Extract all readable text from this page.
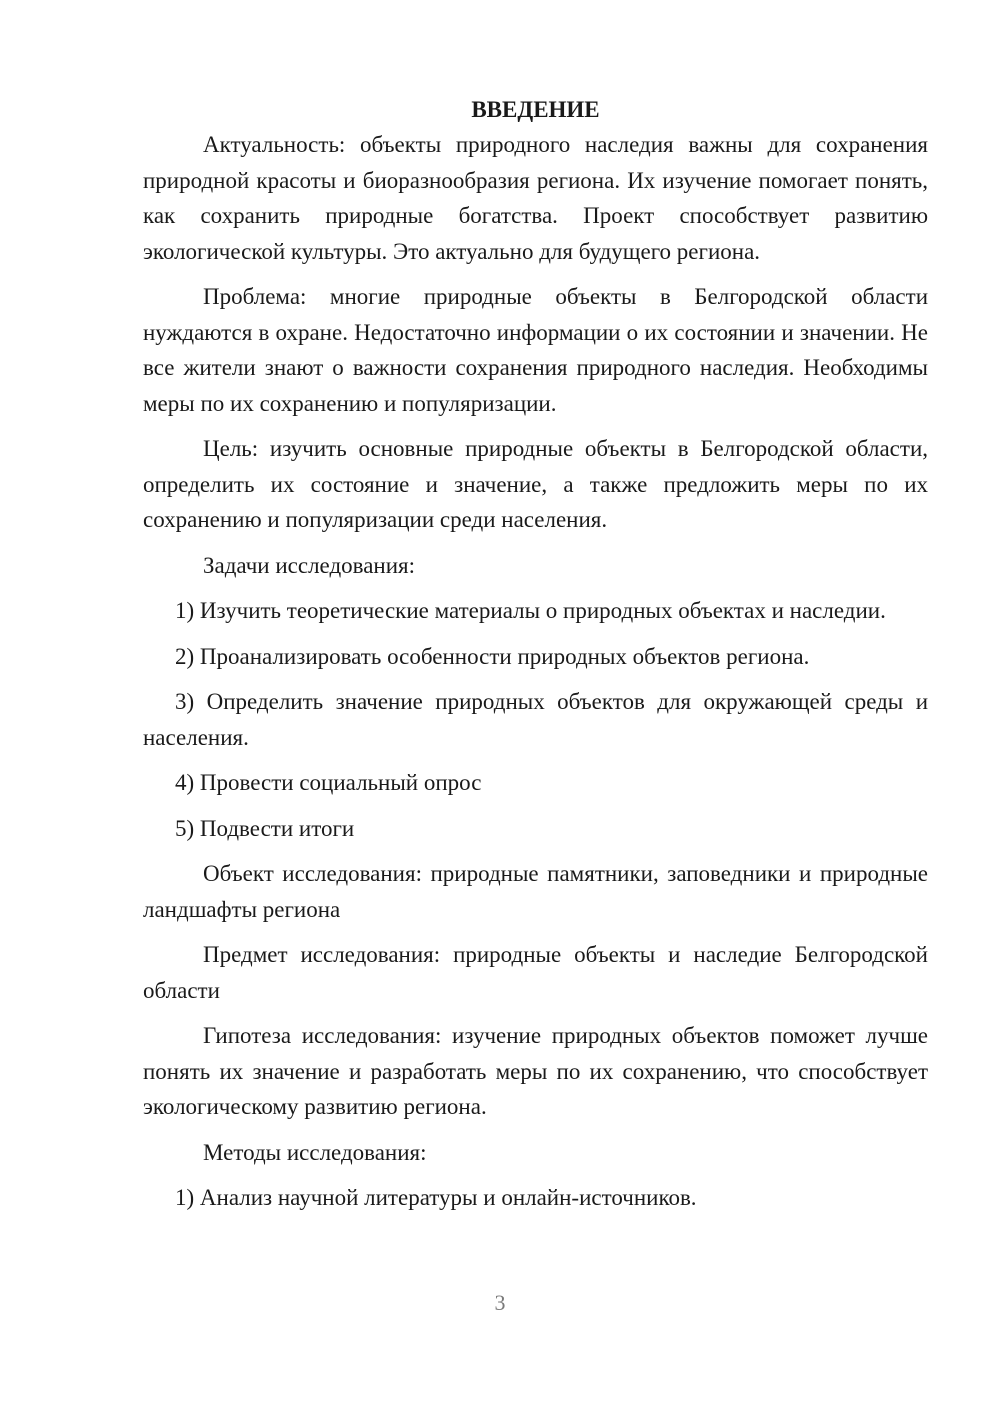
ВВЕДЕНИЕ

Актуальность: объекты природного наследия важны для сохранения природной красоты и биоразнообразия региона. Их изучение помогает понять, как сохранить природные богатства. Проект способствует развитию экологической культуры. Это актуально для будущего региона.

Проблема: многие природные объекты в Белгородской области нуждаются в охране. Недостаточно информации о их состоянии и значении. Не все жители знают о важности сохранения природного наследия. Необходимы меры по их сохранению и популяризации.

Цель: изучить основные природные объекты в Белгородской области, определить их состояние и значение, а также предложить меры по их сохранению и популяризации среди населения.

Задачи исследования:

1) Изучить теоретические материалы о природных объектах и наследии.

2) Проанализировать особенности природных объектов региона.

3) Определить значение природных объектов для окружающей среды и населения.

4) Провести социальный опрос

5) Подвести итоги

Объект исследования: природные памятники, заповедники и природные ландшафты региона

Предмет исследования: природные объекты и наследие Белгородской области

Гипотеза исследования: изучение природных объектов поможет лучше понять их значение и разработать меры по их сохранению, что способствует экологическому развитию региона.

Методы исследования:

1) Анализ научной литературы и онлайн-источников.

3
